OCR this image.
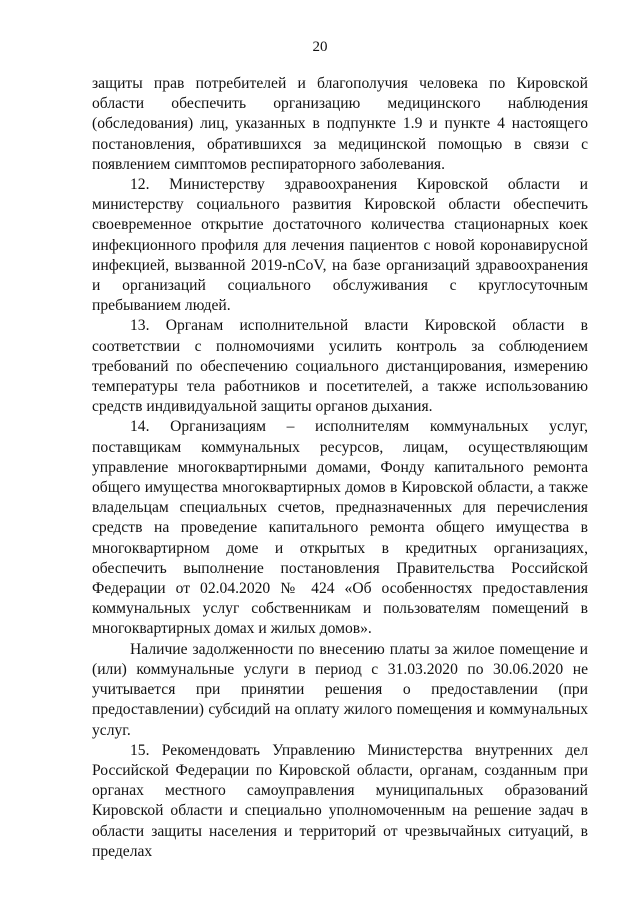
20

защиты прав потребителей и благополучия человека по Кировской области обеспечить организацию медицинского наблюдения (обследования) лиц, указанных в подпункте 1.9 и пункте 4 настоящего постановления, обратившихся за медицинской помощью в связи с появлением симптомов респираторного заболевания.

12. Министерству здравоохранения Кировской области и министерству социального развития Кировской области обеспечить своевременное открытие достаточного количества стационарных коек инфекционного профиля для лечения пациентов с новой коронавирусной инфекцией, вызванной 2019-nCoV, на базе организаций здравоохранения и организаций социального обслуживания с круглосуточным пребыванием людей.

13. Органам исполнительной власти Кировской области в соответствии с полномочиями усилить контроль за соблюдением требований по обеспечению социального дистанцирования, измерению температуры тела работников и посетителей, а также использованию средств индивидуальной защиты органов дыхания.

14. Организациям – исполнителям коммунальных услуг, поставщикам коммунальных ресурсов, лицам, осуществляющим управление многоквартирными домами, Фонду капитального ремонта общего имущества многоквартирных домов в Кировской области, а также владельцам специальных счетов, предназначенных для перечисления средств на проведение капитального ремонта общего имущества в многоквартирном доме и открытых в кредитных организациях, обеспечить выполнение постановления Правительства Российской Федерации от 02.04.2020 № 424 «Об особенностях предоставления коммунальных услуг собственникам и пользователям помещений в многоквартирных домах и жилых домов».

Наличие задолженности по внесению платы за жилое помещение и (или) коммунальные услуги в период с 31.03.2020 по 30.06.2020 не учитывается при принятии решения о предоставлении (при предоставлении) субсидий на оплату жилого помещения и коммунальных услуг.

15. Рекомендовать Управлению Министерства внутренних дел Российской Федерации по Кировской области, органам, созданным при органах местного самоуправления муниципальных образований Кировской области и специально уполномоченным на решение задач в области защиты населения и территорий от чрезвычайных ситуаций, в пределах
